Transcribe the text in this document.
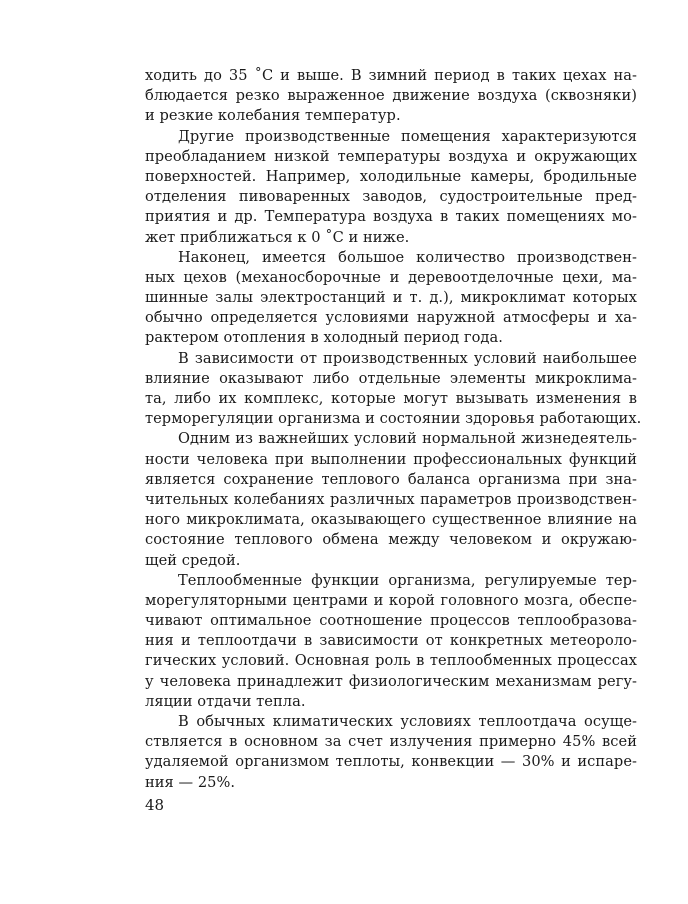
ходить до 35 ˚С и выше. В зимний период в таких цехах на-
блюдается резко выраженное движение воздуха (сквозняки)
и резкие колебания температур.
Другие производственные помещения характеризуются
преобладанием низкой температуры воздуха и окружающих
поверхностей. Например, холодильные камеры, бродильные
отделения пивоваренных заводов, судостроительные пред-
приятия и др. Температура воздуха в таких помещениях мо-
жет приближаться к 0 ˚С и ниже.
Наконец, имеется большое количество производствен-
ных цехов (механосборочные и деревоотделочные цехи, ма-
шинные залы электростанций и т. д.), микроклимат которых
обычно определяется условиями наружной атмосферы и ха-
рактером отопления в холодный период года.
В зависимости от производственных условий наибольшее
влияние оказывают либо отдельные элементы микроклима-
та, либо их комплекс, которые могут вызывать изменения в
терморегуляции организма и состоянии здоровья работающих.
Одним из важнейших условий нормальной жизнедеятель-
ности человека при выполнении профессиональных функций
является сохранение теплового баланса организма при зна-
чительных колебаниях различных параметров производствен-
ного микроклимата, оказывающего существенное влияние на
состояние теплового обмена между человеком и окружаю-
щей средой.
Теплообменные функции организма, регулируемые тер-
морегуляторными центрами и корой головного мозга, обеспе-
чивают оптимальное соотношение процессов теплообразова-
ния и теплоотдачи в зависимости от конкретных метеороло-
гических условий. Основная роль в теплообменных процессах
у человека принадлежит физиологическим механизмам регу-
ляции отдачи тепла.
В обычных климатических условиях теплоотдача осуще-
ствляется в основном за счет излучения примерно 45% всей
удаляемой организмом теплоты, конвекции — 30% и испаре-
ния — 25%.
48
